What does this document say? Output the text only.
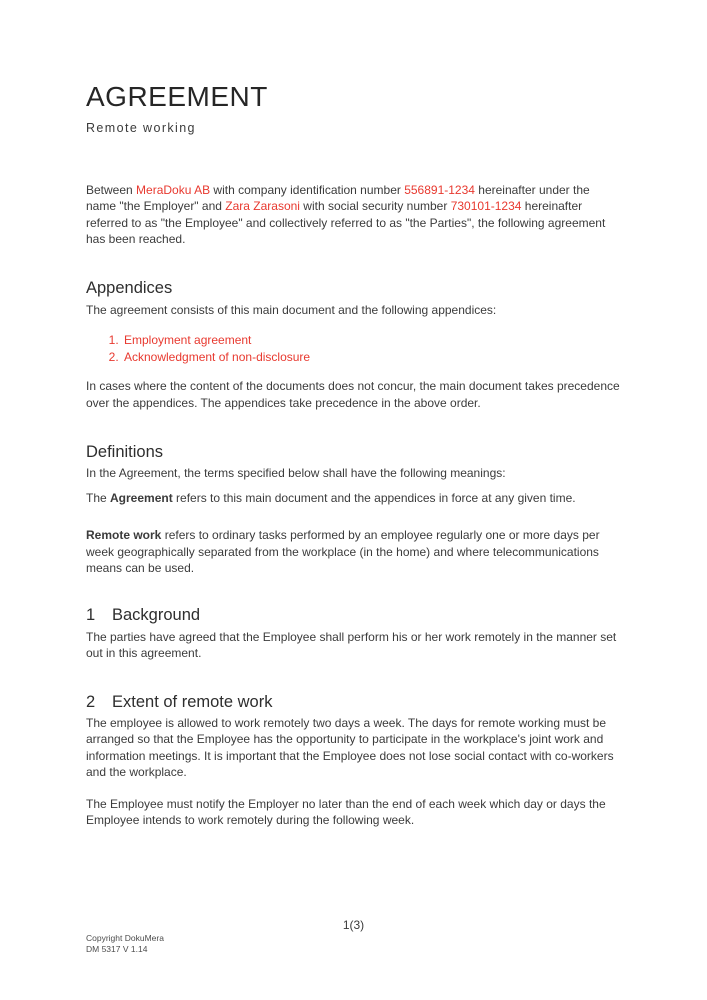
AGREEMENT
Remote working

Between MeraDoku AB with company identification number 556891-1234 hereinafter under the name "the Employer" and Zara Zarasoni with social security number 730101-1234 hereinafter referred to as "the Employee" and collectively referred to as "the Parties", the following agreement has been reached.

Appendices

The agreement consists of this main document and the following appendices:

1. Employment agreement
2. Acknowledgment of non-disclosure

In cases where the content of the documents does not concur, the main document takes precedence over the appendices. The appendices take precedence in the above order.

Definitions

In the Agreement, the terms specified below shall have the following meanings:

The Agreement refers to this main document and the appendices in force at any given time.

Remote work refers to ordinary tasks performed by an employee regularly one or more days per week geographically separated from the workplace (in the home) and where telecommunications means can be used.

1 Background

The parties have agreed that the Employee shall perform his or her work remotely in the manner set out in this agreement.

2 Extent of remote work

The employee is allowed to work remotely two days a week. The days for remote working must be arranged so that the Employee has the opportunity to participate in the workplace's joint work and information meetings. It is important that the Employee does not lose social contact with co-workers and the workplace.

The Employee must notify the Employer no later than the end of each week which day or days the Employee intends to work remotely during the following week.

1(3)
Copyright DokuMera
DM 5317 V 1.14
